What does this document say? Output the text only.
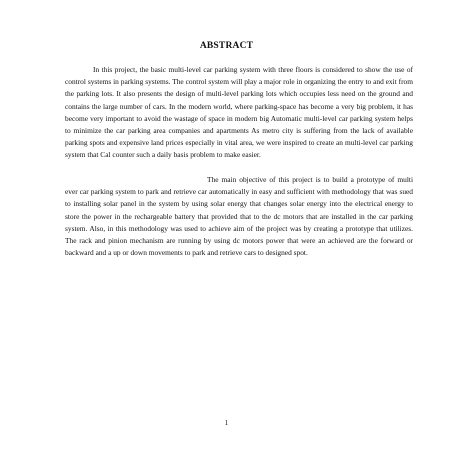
ABSTRACT

In this project, the basic multi-level car parking system with three floors is considered to show the use of control systems in parking systems. The control system will play a major role in organizing the entry to and exit from the parking lots. It also presents the design of multi-level parking lots which occupies less need on the ground and contains the large number of cars. In the modern world, where parking-space has become a very big problem, it has become very important to avoid the wastage of space in modern big Automatic multi-level car parking system helps to minimize the car parking area companies and apartments As metro city is suffering from the lack of available parking spots and expensive land prices especially in vital area, we were inspired to create an multi-level car parking system that Cal counter such a daily basis problem to make easier.

The main objective of this project is to build a prototype of multi ever car parking system to park and retrieve car automatically in easy and sufficient with methodology that was sued to installing solar panel in the system by using solar energy that changes solar energy into the electrical energy to store the power in the rechargeable battery that provided that to the dc motors that are installed in the car parking system. Also, in this methodology was used to achieve aim of the project was by creating a prototype that utilizes. The rack and pinion mechanism are running by using dc motors power that were an achieved are the forward or backward and a up or down movements to park and retrieve cars to designed spot.

1
